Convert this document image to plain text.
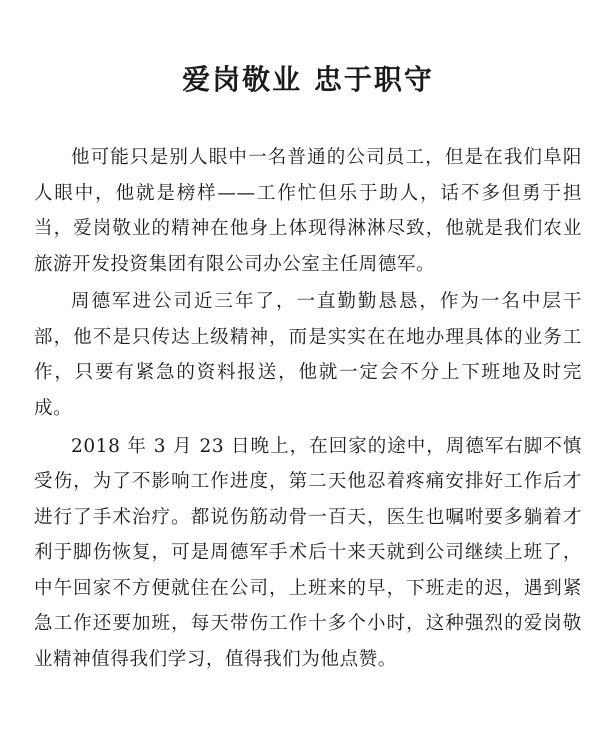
爱岗敬业 忠于职守

他可能只是别人眼中一名普通的公司员工，但是在我们阜阳人眼中，他就是榜样——工作忙但乐于助人，话不多但勇于担当，爱岗敬业的精神在他身上体现得淋淋尽致，他就是我们农业旅游开发投资集团有限公司办公室主任周德军。

周德军进公司近三年了，一直勤勤恳恳，作为一名中层干部，他不是只传达上级精神，而是实实在在地办理具体的业务工作，只要有紧急的资料报送，他就一定会不分上下班地及时完成。

2018 年 3 月 23 日晚上，在回家的途中，周德军右脚不慎受伤，为了不影响工作进度，第二天他忍着疼痛安排好工作后才进行了手术治疗。都说伤筋动骨一百天，医生也嘱咐要多躺着才利于脚伤恢复，可是周德军手术后十来天就到公司继续上班了，中午回家不方便就住在公司，上班来的早，下班走的迟，遇到紧急工作还要加班，每天带伤工作十多个小时，这种强烈的爱岗敬业精神值得我们学习，值得我们为他点赞。
